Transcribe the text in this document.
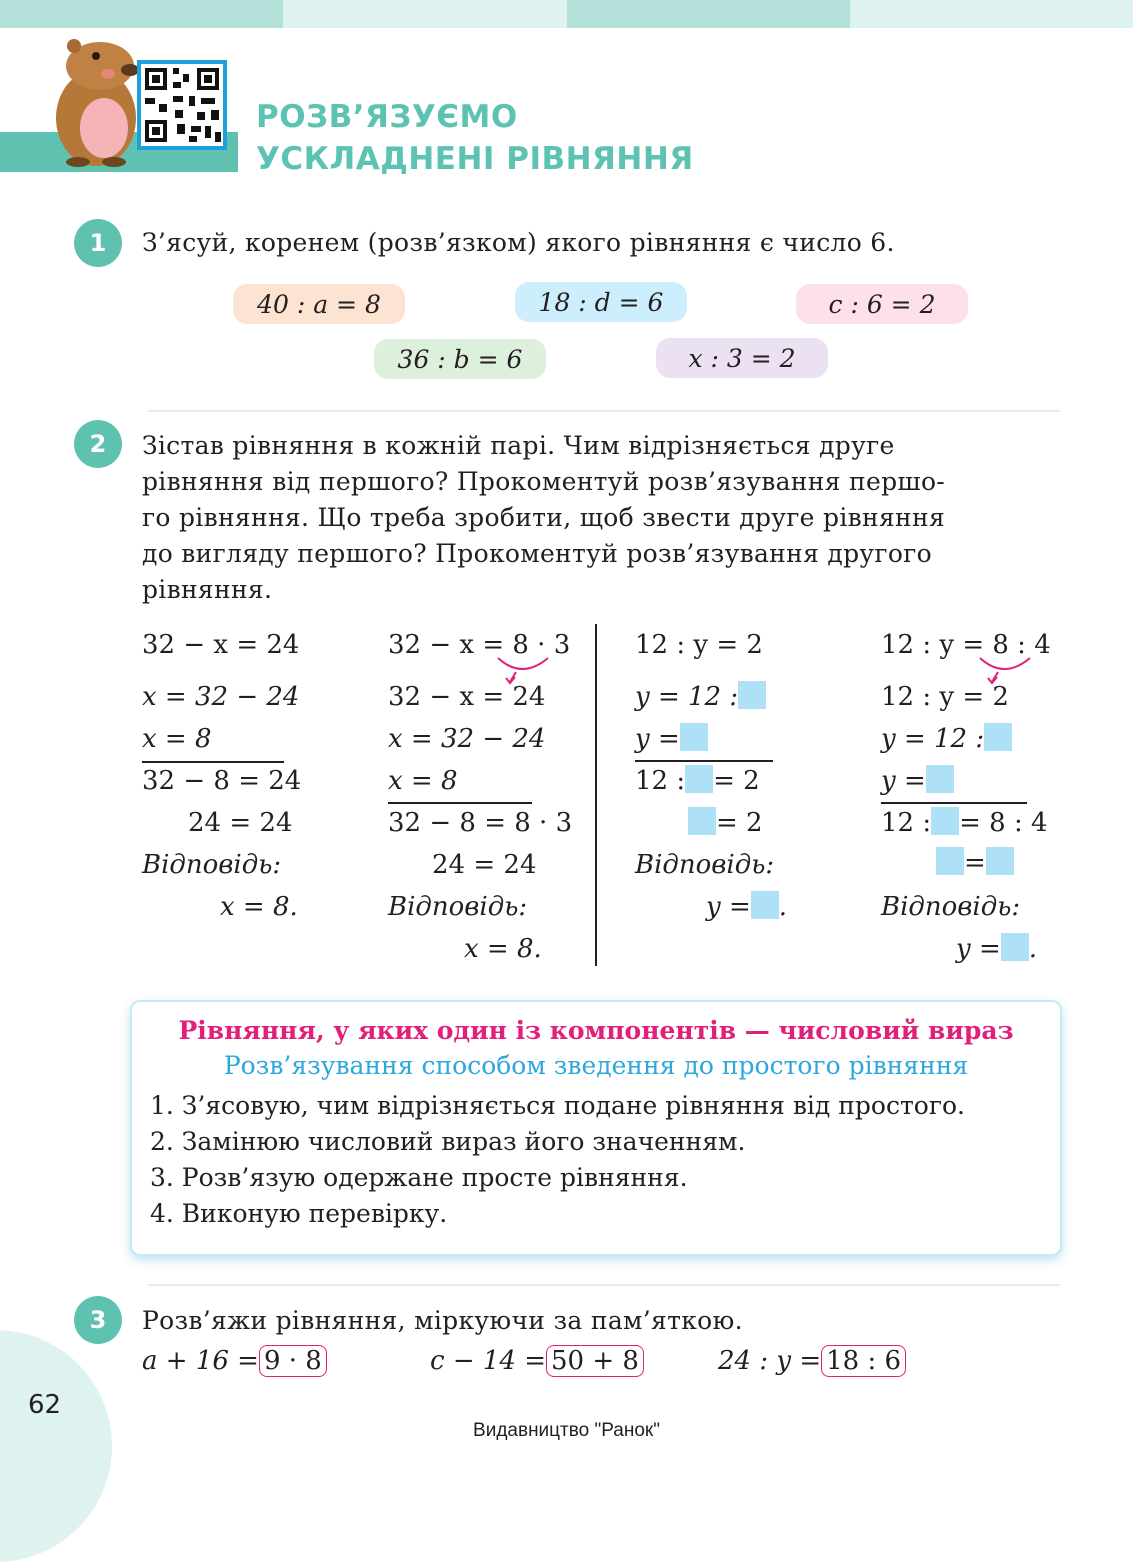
РОЗВ’ЯЗУЄМО
УСКЛАДНЕНІ РІВНЯННЯ
1	З’ясуй, коренем (розв’язком) якого рівняння є число 6.
40 : a = 8	18 : d = 6	c : 6 = 2
36 : b = 6	x : 3 = 2
2	Зістав рівняння в кожній парі. Чим відрізняється друге
рівняння від першого? Прокоментуй розв’язування першо-
го рівняння. Що треба зробити, щоб звести друге рівняння
до вигляду першого? Прокоментуй розв’язування другого
рівняння.
32 − x = 24
x = 32 − 24
x = 8
32 − 8 = 24
24 = 24
Відповідь:
x = 8.
32 − x = 8 · 3
32 − x = 24
x = 32 − 24
x = 8
32 − 8 = 8 · 3
24 = 24
Відповідь:
x = 8.
12 : y = 2
y = 12 :
y =
12 : = 2
= 2
Відповідь:
y = .
12 : y = 8 : 4
12 : y = 2
y = 12 :
y =
12 : = 8 : 4
=
Відповідь:
y = .
Рівняння, у яких один із компонентів — числовий вираз
Розв’язування способом зведення до простого рівняння
1. З’ясовую, чим відрізняється подане рівняння від простого.
2. Замінюю числовий вираз його значенням.
3. Розв’язую одержане просте рівняння.
4. Виконую перевірку.
3	Розв’яжи рівняння, міркуючи за пам’яткою.
a + 16 = 9 · 8	c − 14 = 50 + 8	24 : y = 18 : 6
62
Видавництво "Ранок"
